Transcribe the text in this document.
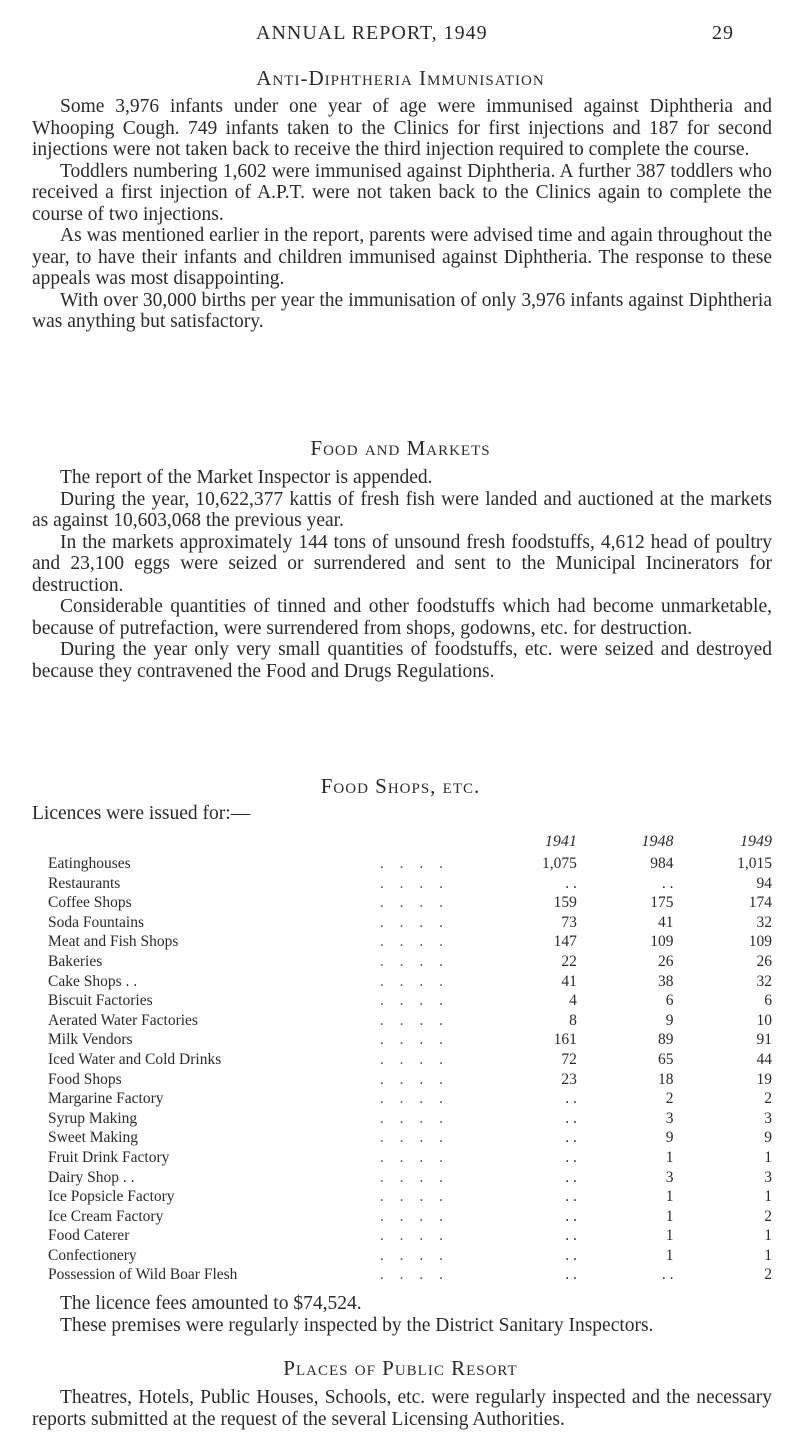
ANNUAL REPORT, 1949	29
Anti-Diphtheria Immunisation

Some 3,976 infants under one year of age were immunised against Diphtheria and Whooping Cough. 749 infants taken to the Clinics for first injections and 187 for second injections were not taken back to receive the third injection required to complete the course.

Toddlers numbering 1,602 were immunised against Diphtheria. A further 387 toddlers who received a first injection of A.P.T. were not taken back to the Clinics again to complete the course of two injections.

As was mentioned earlier in the report, parents were advised time and again throughout the year, to have their infants and children immunised against Diphtheria. The response to these appeals was most disappointing.

With over 30,000 births per year the immunisation of only 3,976 infants against Diphtheria was anything but satisfactory.

Food and Markets

The report of the Market Inspector is appended.

During the year, 10,622,377 kattis of fresh fish were landed and auctioned at the markets as against 10,603,068 the previous year.

In the markets approximately 144 tons of unsound fresh foodstuffs, 4,612 head of poultry and 23,100 eggs were seized or surrendered and sent to the Municipal Incinerators for destruction.

Considerable quantities of tinned and other foodstuffs which had become unmarketable, because of putrefaction, were surrendered from shops, godowns, etc. for destruction.

During the year only very small quantities of foodstuffs, etc. were seized and destroyed because they contravened the Food and Drugs Regulations.

Food Shops, etc.
Licences were issued for:—
		1941	1948	1949
Eatinghouses	. . . .	1,075	984	1,015
Restaurants	. . . .	. .	. .	94
Coffee Shops	. . . .	159	175	174
Soda Fountains	. . . .	73	41	32
Meat and Fish Shops	. . . .	147	109	109
Bakeries	. . . .	22	26	26
Cake Shops . .	. . . .	41	38	32
Biscuit Factories	. . . .	4	6	6
Aerated Water Factories	. . . .	8	9	10
Milk Vendors	. . . .	161	89	91
Iced Water and Cold Drinks	. . . .	72	65	44
Food Shops	. . . .	23	18	19
Margarine Factory	. . . .	. .	2	2
Syrup Making	. . . .	. .	3	3
Sweet Making	. . . .	. .	9	9
Fruit Drink Factory	. . . .	. .	1	1
Dairy Shop . .	. . . .	. .	3	3
Ice Popsicle Factory	. . . .	. .	1	1
Ice Cream Factory	. . . .	. .	1	2
Food Caterer	. . . .	. .	1	1
Confectionery	. . . .	. .	1	1
Possession of Wild Boar Flesh	. . . .	. .	. .	2

The licence fees amounted to $74,524.

These premises were regularly inspected by the District Sanitary Inspectors.

Places of Public Resort

Theatres, Hotels, Public Houses, Schools, etc. were regularly inspected and the necessary reports submitted at the request of the several Licensing Authorities.
